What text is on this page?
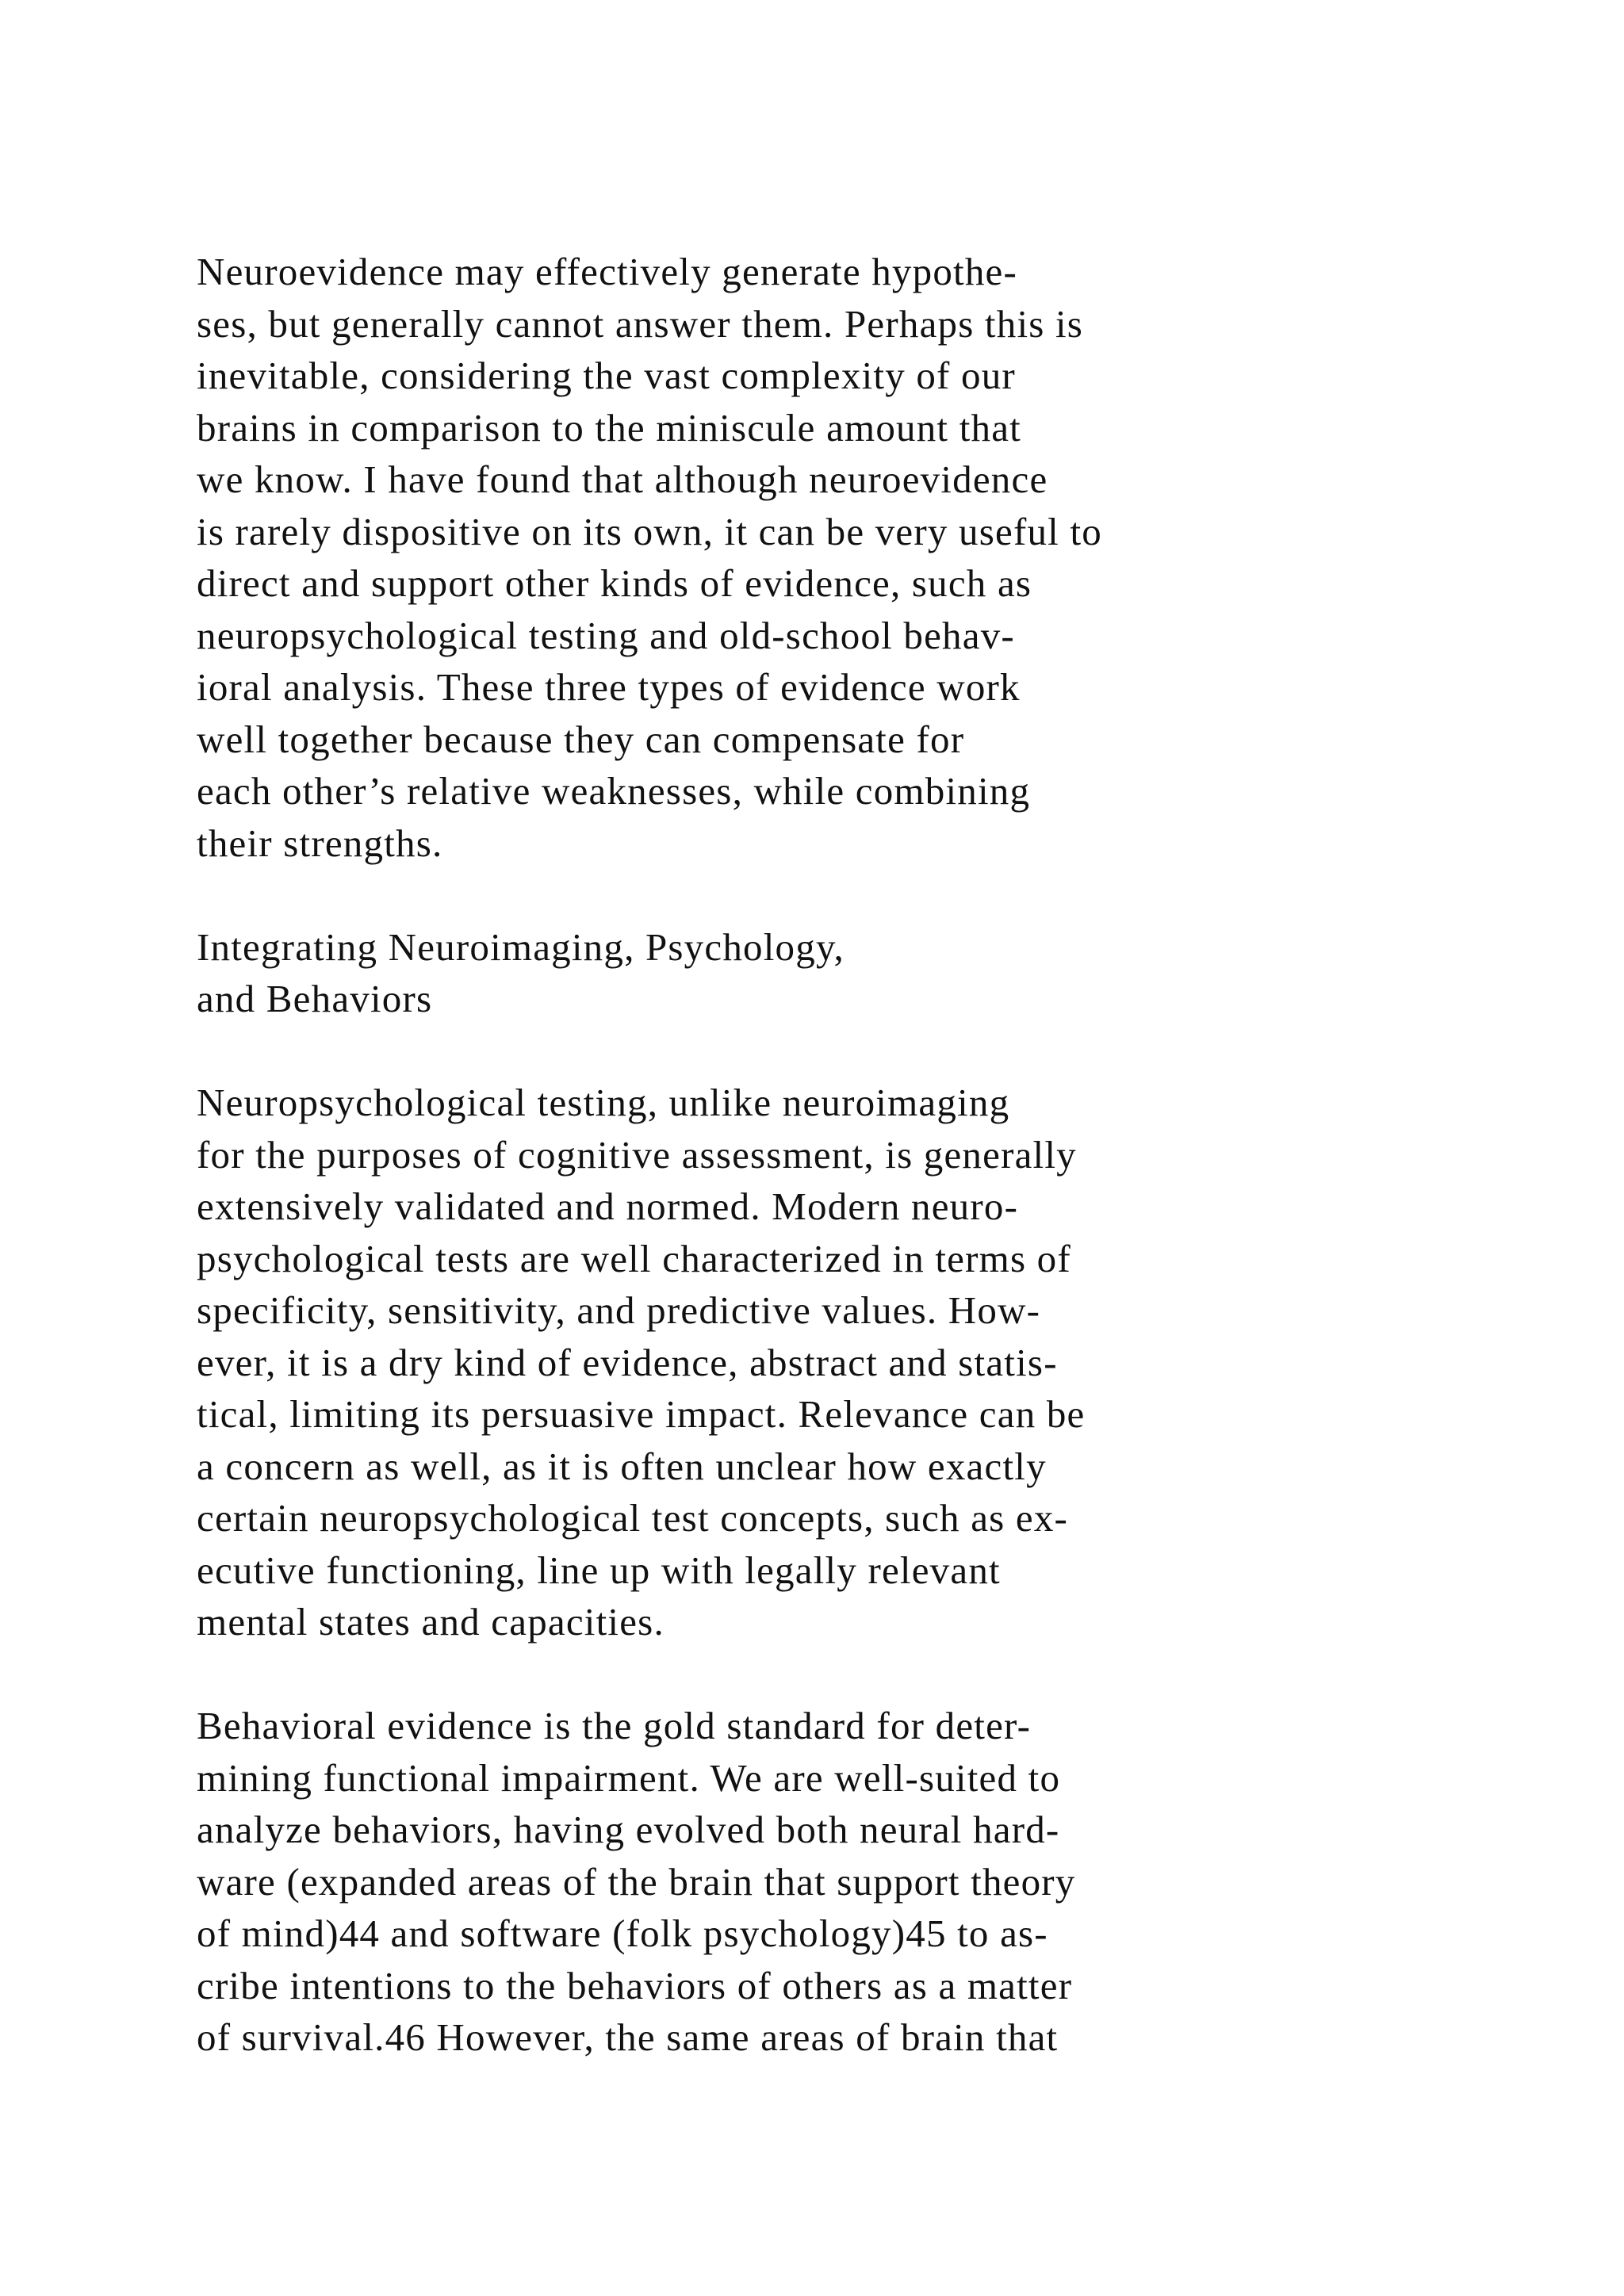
Neuroevidence may effectively generate hypothe-
ses, but generally cannot answer them. Perhaps this is
inevitable, considering the vast complexity of our
brains in comparison to the miniscule amount that
we know. I have found that although neuroevidence
is rarely dispositive on its own, it can be very useful to
direct and support other kinds of evidence, such as
neuropsychological testing and old-school behav-
ioral analysis. These three types of evidence work
well together because they can compensate for
each other’s relative weaknesses, while combining
their strengths.
Integrating Neuroimaging, Psychology,
and Behaviors
Neuropsychological testing, unlike neuroimaging
for the purposes of cognitive assessment, is generally
extensively validated and normed. Modern neuro-
psychological tests are well characterized in terms of
specificity, sensitivity, and predictive values. How-
ever, it is a dry kind of evidence, abstract and statis-
tical, limiting its persuasive impact. Relevance can be
a concern as well, as it is often unclear how exactly
certain neuropsychological test concepts, such as ex-
ecutive functioning, line up with legally relevant
mental states and capacities.
Behavioral evidence is the gold standard for deter-
mining functional impairment. We are well-suited to
analyze behaviors, having evolved both neural hard-
ware (expanded areas of the brain that support theory
of mind)44 and software (folk psychology)45 to as-
cribe intentions to the behaviors of others as a matter
of survival.46 However, the same areas of brain that
